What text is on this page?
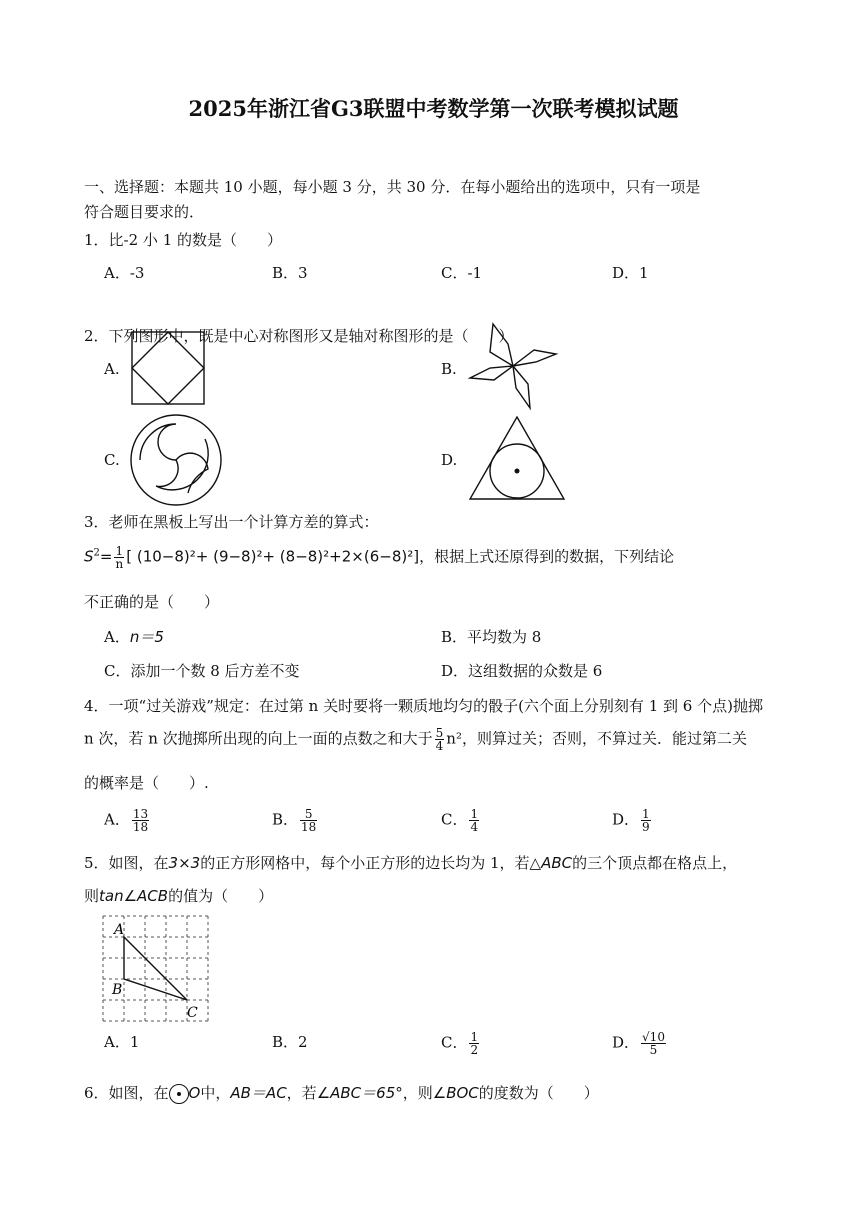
2025年浙江省G3联盟中考数学第一次联考模拟试题
一、选择题：本题共 10 小题，每小题 3 分，共 30 分．在每小题给出的选项中，只有一项是
符合题目要求的．
1．比-2 小 1 的数是（　　）
A．-3	B．3	C．-1	D．1
2．下列图形中，既是中心对称图形又是轴对称图形的是（　　）
A.	B.
C.	D.
3．老师在黑板上写出一个计算方差的算式：
$S^2= \frac{1}{n}$ [ (10−8)²+ (9−8)²+ (8−8)²+2×(6−8)²]，根据上式还原得到的数据，下列结论
不正确的是（　　）
A．n＝5	B．平均数为 8
C．添加一个数 8 后方差不变	D．这组数据的众数是 6
4．一项“过关游戏”规定：在过第 n 关时要将一颗质地均匀的骰子(六个面上分别刻有 1 到 6 个点)抛掷
n 次，若 n 次抛掷所出现的向上一面的点数之和大于 $\frac{5}{4} n^2$，则算过关；否则，不算过关．能过第二关
的概率是（　　）.
A． $\frac{13}{18}$	B． $\frac{5}{18}$	C． $\frac{1}{4}$	D． $\frac{1}{9}$
5．如图，在3×3的正方形网格中，每个小正方形的边长均为 1，若△ABC的三个顶点都在格点上，
则tan∠ACB的值为（　　）
A
B
C
A．1	B．2	C． $\frac{1}{2}$	D． $\frac{√10}{5}$
6．如图，在 O中，AB＝AC，若∠ABC＝65°，则∠BOC的度数为（　　）
